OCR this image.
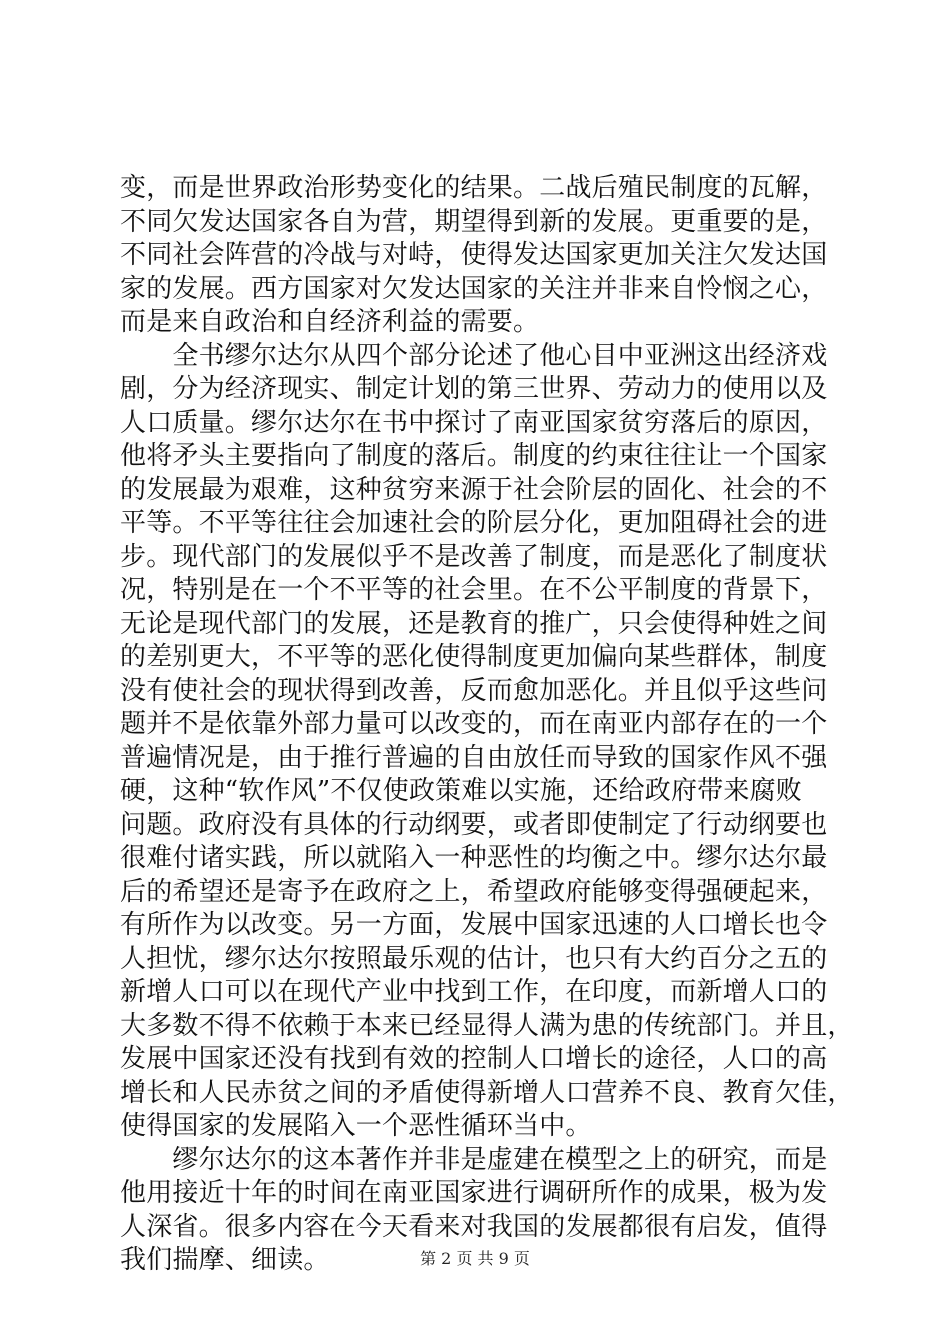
变，而是世界政治形势变化的结果。二战后殖民制度的瓦解，
不同欠发达国家各自为营，期望得到新的发展。更重要的是，
不同社会阵营的冷战与对峙，使得发达国家更加关注欠发达国
家的发展。西方国家对欠发达国家的关注并非来自怜悯之心，
而是来自政治和自经济利益的需要。
　　全书缪尔达尔从四个部分论述了他心目中亚洲这出经济戏
剧，分为经济现实、制定计划的第三世界、劳动力的使用以及
人口质量。缪尔达尔在书中探讨了南亚国家贫穷落后的原因，
他将矛头主要指向了制度的落后。制度的约束往往让一个国家
的发展最为艰难，这种贫穷来源于社会阶层的固化、社会的不
平等。不平等往往会加速社会的阶层分化，更加阻碍社会的进
步。现代部门的发展似乎不是改善了制度，而是恶化了制度状
况，特别是在一个不平等的社会里。在不公平制度的背景下，
无论是现代部门的发展，还是教育的推广，只会使得种姓之间
的差别更大，不平等的恶化使得制度更加偏向某些群体，制度
没有使社会的现状得到改善，反而愈加恶化。并且似乎这些问
题并不是依靠外部力量可以改变的，而在南亚内部存在的一个
普遍情况是，由于推行普遍的自由放任而导致的国家作风不强
硬，这种“软作风”不仅使政策难以实施，还给政府带来腐败
问题。政府没有具体的行动纲要，或者即使制定了行动纲要也
很难付诸实践，所以就陷入一种恶性的均衡之中。缪尔达尔最
后的希望还是寄予在政府之上，希望政府能够变得强硬起来，
有所作为以改变。另一方面，发展中国家迅速的人口增长也令
人担忧，缪尔达尔按照最乐观的估计，也只有大约百分之五的
新增人口可以在现代产业中找到工作，在印度，而新增人口的
大多数不得不依赖于本来已经显得人满为患的传统部门。并且，
发展中国家还没有找到有效的控制人口增长的途径，人口的高
增长和人民赤贫之间的矛盾使得新增人口营养不良、教育欠佳，
使得国家的发展陷入一个恶性循环当中。
　　缪尔达尔的这本著作并非是虚建在模型之上的研究，而是
他用接近十年的时间在南亚国家进行调研所作的成果，极为发
人深省。很多内容在今天看来对我国的发展都很有启发，值得
我们揣摩、细读。	第 2 页 共 9 页
